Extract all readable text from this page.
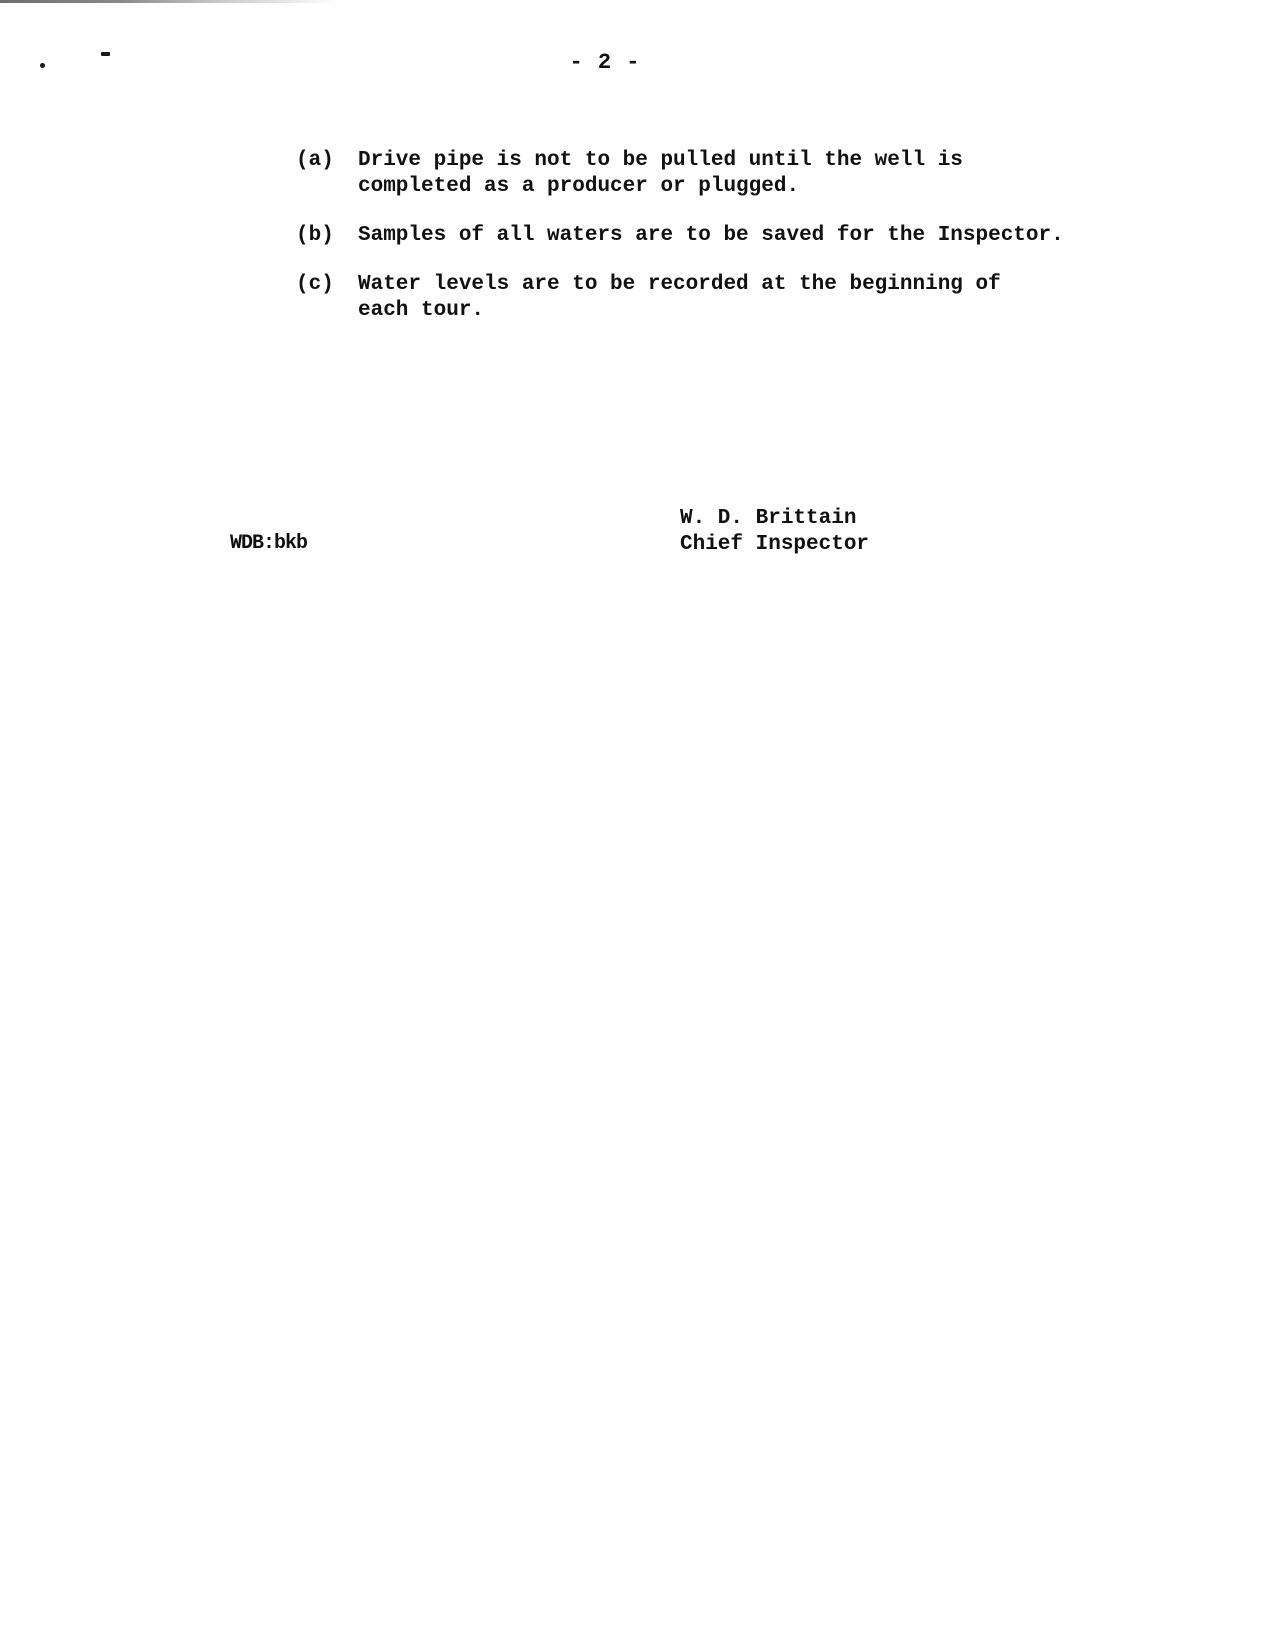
- 2 -
(a)	Drive pipe is not to be pulled until the well is
completed as a producer or plugged.
(b)	Samples of all waters are to be saved for the Inspector.
(c)	Water levels are to be recorded at the beginning of
each tour.
W. D. Brittain
Chief Inspector
WDB:bkb
